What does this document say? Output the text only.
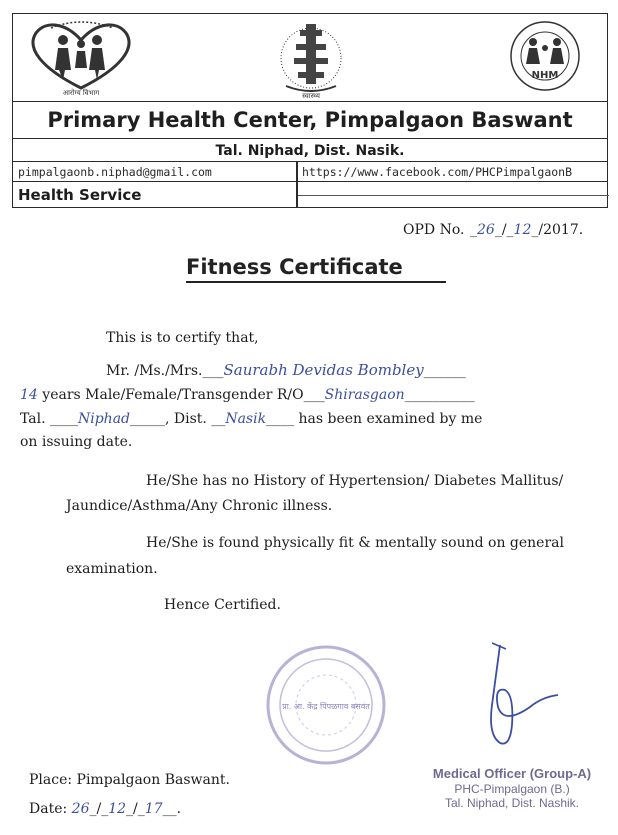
आरोग्य विभाग	स्वास्थ्य
NHM
Primary Health Center, Pimpalgaon Baswant
Tal. Niphad, Dist. Nasik.
pimpalgaonb.niphad@gmail.com	https://www.facebook.com/PHCPimpalgaonB
Health Service
OPD No. _26_/_12_/2017.
Fitness Certificate
This is to certify that,
Mr. /Ms./Mrs.___Saurabh Devidas Bombley______
14 years Male/Female/Transgender R/O___Shirasgaon__________
Tal. ____Niphad_____, Dist. __Nasik____ has been examined by me
on issuing date.
He/She has no History of Hypertension/ Diabetes Mallitus/
Jaundice/Asthma/Any Chronic illness.
He/She is found physically fit & mentally sound on general
examination.
Hence Certified.
Place: Pimpalgaon Baswant.
Date: 26_/_12_/_17__.
प्रा. आ. केंद्र पिंपळगाव बसवंत
Medical Officer (Group-A)
PHC-Pimpalgaon (B.)
Tal. Niphad, Dist. Nashik.
